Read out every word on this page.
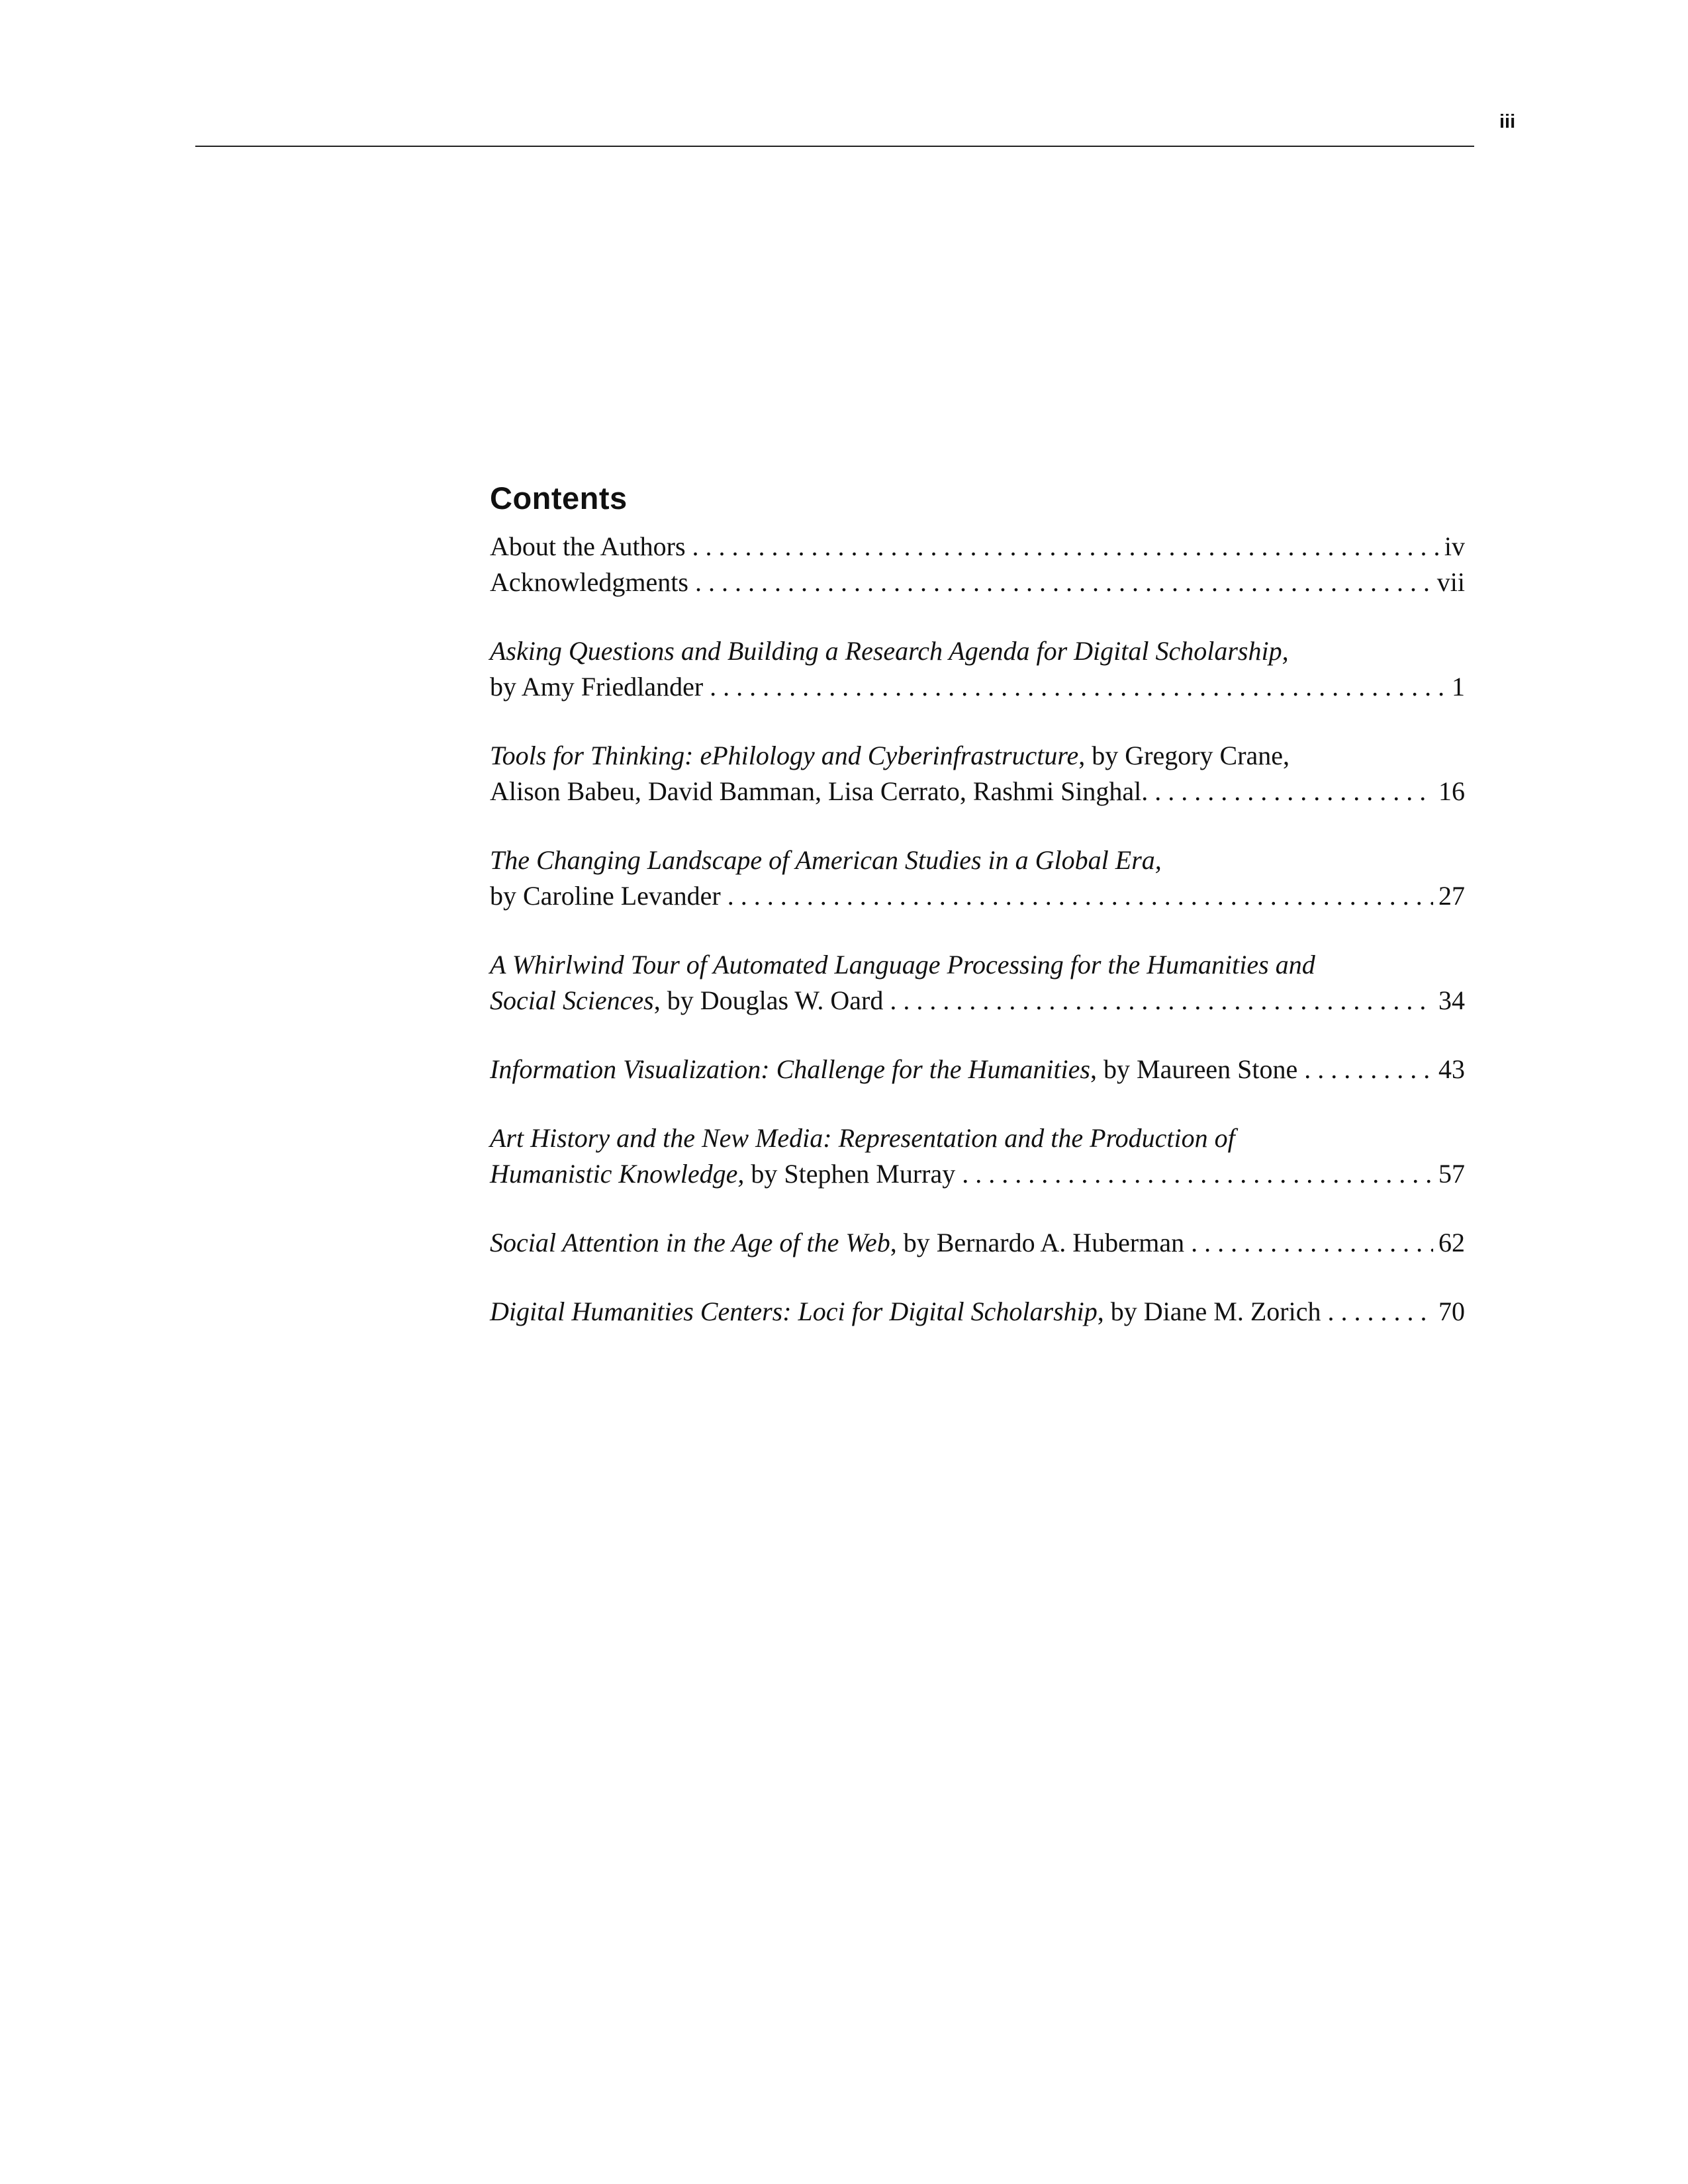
iii
Contents
About the Authors . . .	iv
Acknowledgments . . .	vii
Asking Questions and Building a Research Agenda for Digital Scholarship,
by Amy Friedlander . . .	1
Tools for Thinking: ePhilology and Cyberinfrastructure, by Gregory Crane,
Alison Babeu, David Bamman, Lisa Cerrato, Rashmi Singhal. . . .	16
The Changing Landscape of American Studies in a Global Era,
by Caroline Levander . . .	27
A Whirlwind Tour of Automated Language Processing for the Humanities and
Social Sciences, by Douglas W. Oard . . .	34
Information Visualization: Challenge for the Humanities, by Maureen Stone . . .	43
Art History and the New Media: Representation and the Production of
Humanistic Knowledge, by Stephen Murray . . .	57
Social Attention in the Age of the Web, by Bernardo A. Huberman . . .	62
Digital Humanities Centers: Loci for Digital Scholarship, by Diane M. Zorich . . .	70
